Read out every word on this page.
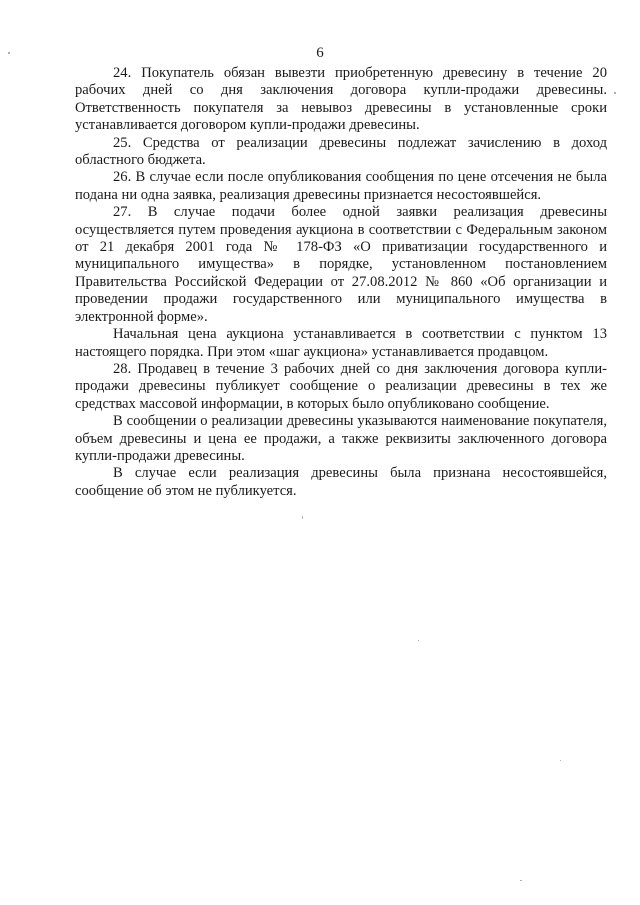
6

24. Покупатель обязан вывезти приобретенную древесину в течение 20 рабочих дней со дня заключения договора купли-продажи древесины. Ответственность покупателя за невывоз древесины в установленные сроки устанавливается договором купли-продажи древесины.

25. Средства от реализации древесины подлежат зачислению в доход областного бюджета.

26. В случае если после опубликования сообщения по цене отсечения не была подана ни одна заявка, реализация древесины признается несостоявшейся.

27. В случае подачи более одной заявки реализация древесины осуществляется путем проведения аукциона в соответствии с Федеральным законом от 21 декабря 2001 года № 178-ФЗ «О приватизации государственного и муниципального имущества» в порядке, установленном постановлением Правительства Российской Федерации от 27.08.2012 № 860 «Об организации и проведении продажи государственного или муниципального имущества в электронной форме».

Начальная цена аукциона устанавливается в соответствии с пунктом 13 настоящего порядка. При этом «шаг аукциона» устанавливается продавцом.

28. Продавец в течение 3 рабочих дней со дня заключения договора купли-продажи древесины публикует сообщение о реализации древесины в тех же средствах массовой информации, в которых было опубликовано сообщение.

В сообщении о реализации древесины указываются наименование покупателя, объем древесины и цена ее продажи, а также реквизиты заключенного договора купли-продажи древесины.

В случае если реализация древесины была признана несостоявшейся, сообщение об этом не публикуется.
